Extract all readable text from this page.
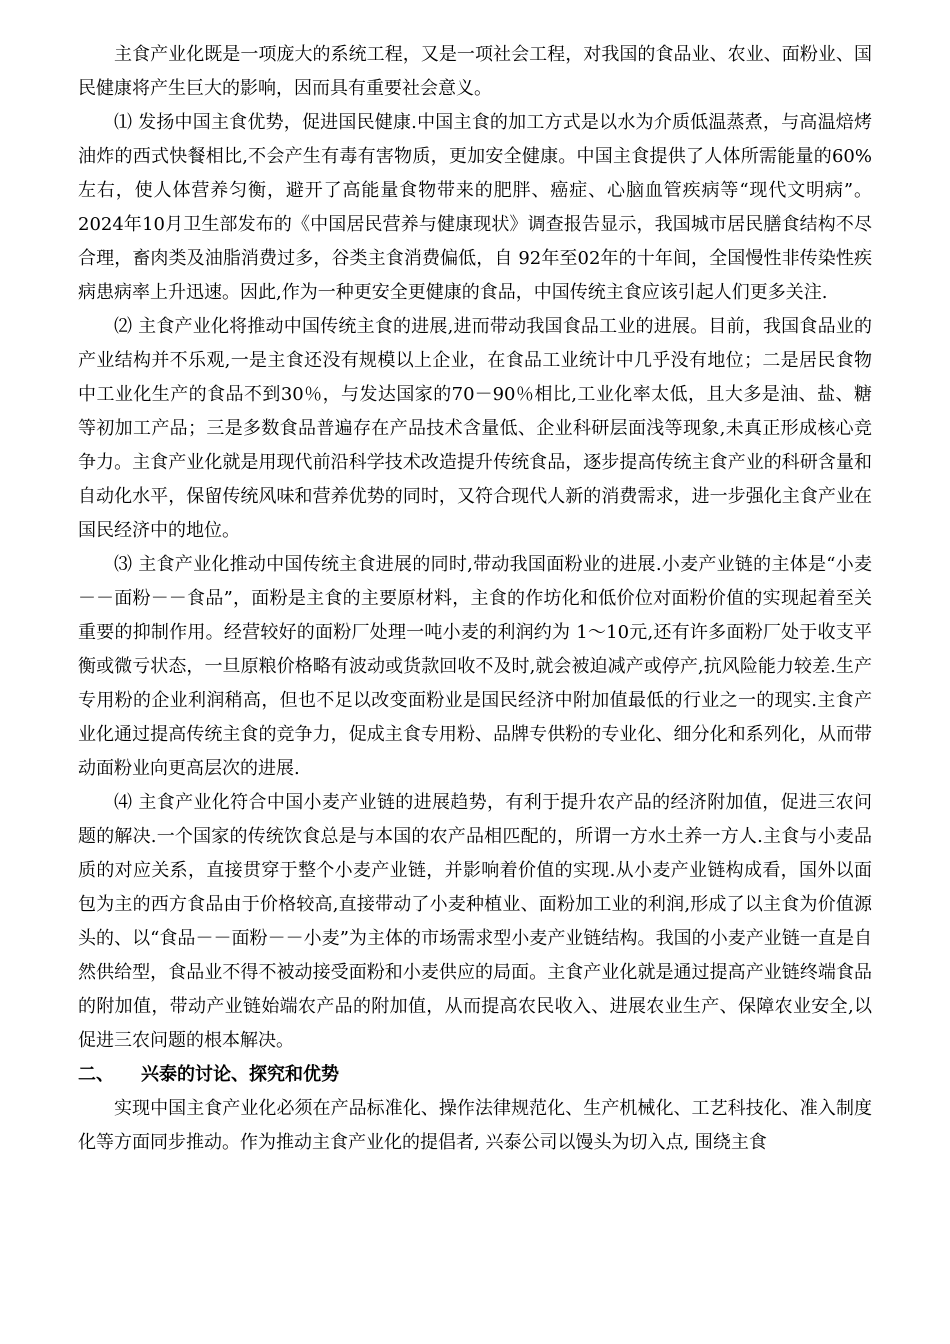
主食产业化既是一项庞大的系统工程，又是一项社会工程，对我国的食品业、农业、面粉业、国民健康将产生巨大的影响，因而具有重要社会意义。

⑴ 发扬中国主食优势，促进国民健康.中国主食的加工方式是以水为介质低温蒸煮，与高温焙烤油炸的西式快餐相比,不会产生有毒有害物质，更加安全健康。中国主食提供了人体所需能量的60%左右，使人体营养匀衡，避开了高能量食物带来的肥胖、癌症、心脑血管疾病等“现代文明病”。2024年10月卫生部发布的《中国居民营养与健康现状》调查报告显示，我国城市居民膳食结构不尽合理，畜肉类及油脂消费过多，谷类主食消费偏低，自 92年至02年的十年间，全国慢性非传染性疾病患病率上升迅速。因此,作为一种更安全更健康的食品，中国传统主食应该引起人们更多关注.

⑵ 主食产业化将推动中国传统主食的进展,进而带动我国食品工业的进展。目前，我国食品业的产业结构并不乐观,一是主食还没有规模以上企业，在食品工业统计中几乎没有地位；二是居民食物中工业化生产的食品不到30％，与发达国家的70－90％相比,工业化率太低，且大多是油、盐、糖等初加工产品；三是多数食品普遍存在产品技术含量低、企业科研层面浅等现象,未真正形成核心竞争力。主食产业化就是用现代前沿科学技术改造提升传统食品，逐步提高传统主食产业的科研含量和自动化水平，保留传统风味和营养优势的同时，又符合现代人新的消费需求，进一步强化主食产业在国民经济中的地位。

⑶ 主食产业化推动中国传统主食进展的同时,带动我国面粉业的进展.小麦产业链的主体是“小麦－－面粉－－食品”，面粉是主食的主要原材料，主食的作坊化和低价位对面粉价值的实现起着至关重要的抑制作用。经营较好的面粉厂处理一吨小麦的利润约为 1～10元,还有许多面粉厂处于收支平衡或微亏状态，一旦原粮价格略有波动或货款回收不及时,就会被迫减产或停产,抗风险能力较差.生产专用粉的企业利润稍高，但也不足以改变面粉业是国民经济中附加值最低的行业之一的现实.主食产业化通过提高传统主食的竞争力，促成主食专用粉、品牌专供粉的专业化、细分化和系列化，从而带动面粉业向更高层次的进展.

⑷ 主食产业化符合中国小麦产业链的进展趋势，有利于提升农产品的经济附加值，促进三农问题的解决.一个国家的传统饮食总是与本国的农产品相匹配的，所谓一方水土养一方人.主食与小麦品质的对应关系，直接贯穿于整个小麦产业链，并影响着价值的实现.从小麦产业链构成看，国外以面包为主的西方食品由于价格较高,直接带动了小麦种植业、面粉加工业的利润,形成了以主食为价值源头的、以“食品－－面粉－－小麦”为主体的市场需求型小麦产业链结构。我国的小麦产业链一直是自然供给型，食品业不得不被动接受面粉和小麦供应的局面。主食产业化就是通过提高产业链终端食品的附加值，带动产业链始端农产品的附加值，从而提高农民收入、进展农业生产、保障农业安全,以促进三农问题的根本解决。

二、	兴泰的讨论、探究和优势

实现中国主食产业化必须在产品标准化、操作法律规范化、生产机械化、工艺科技化、准入制度化等方面同步推动。作为推动主食产业化的提倡者, 兴泰公司以馒头为切入点, 围绕主食
